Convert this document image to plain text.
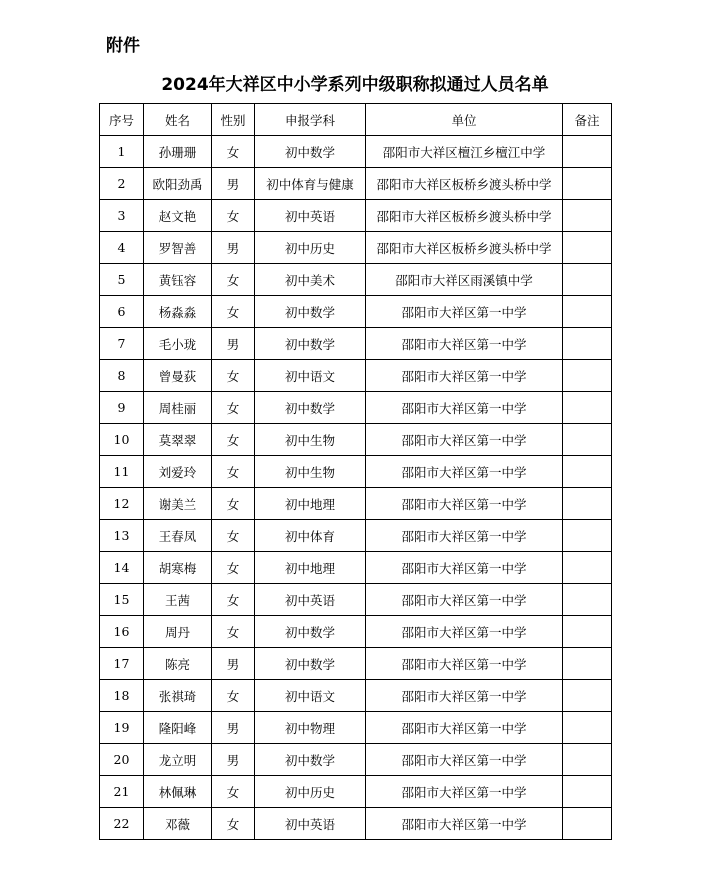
附件
2024年大祥区中小学系列中级职称拟通过人员名单
序号	姓名	性别	申报学科	单位	备注
1	孙珊珊	女	初中数学	邵阳市大祥区檀江乡檀江中学	
2	欧阳劲禹	男	初中体育与健康	邵阳市大祥区板桥乡渡头桥中学	
3	赵文艳	女	初中英语	邵阳市大祥区板桥乡渡头桥中学	
4	罗智善	男	初中历史	邵阳市大祥区板桥乡渡头桥中学	
5	黄钰容	女	初中美术	邵阳市大祥区雨溪镇中学	
6	杨淼淼	女	初中数学	邵阳市大祥区第一中学	
7	毛小珑	男	初中数学	邵阳市大祥区第一中学	
8	曾曼荻	女	初中语文	邵阳市大祥区第一中学	
9	周桂丽	女	初中数学	邵阳市大祥区第一中学	
10	莫翠翠	女	初中生物	邵阳市大祥区第一中学	
11	刘爱玲	女	初中生物	邵阳市大祥区第一中学	
12	谢美兰	女	初中地理	邵阳市大祥区第一中学	
13	王春凤	女	初中体育	邵阳市大祥区第一中学	
14	胡寒梅	女	初中地理	邵阳市大祥区第一中学	
15	王茜	女	初中英语	邵阳市大祥区第一中学	
16	周丹	女	初中数学	邵阳市大祥区第一中学	
17	陈亮	男	初中数学	邵阳市大祥区第一中学	
18	张祺琦	女	初中语文	邵阳市大祥区第一中学	
19	隆阳峰	男	初中物理	邵阳市大祥区第一中学	
20	龙立明	男	初中数学	邵阳市大祥区第一中学	
21	林佩琳	女	初中历史	邵阳市大祥区第一中学	
22	邓薇	女	初中英语	邵阳市大祥区第一中学	
